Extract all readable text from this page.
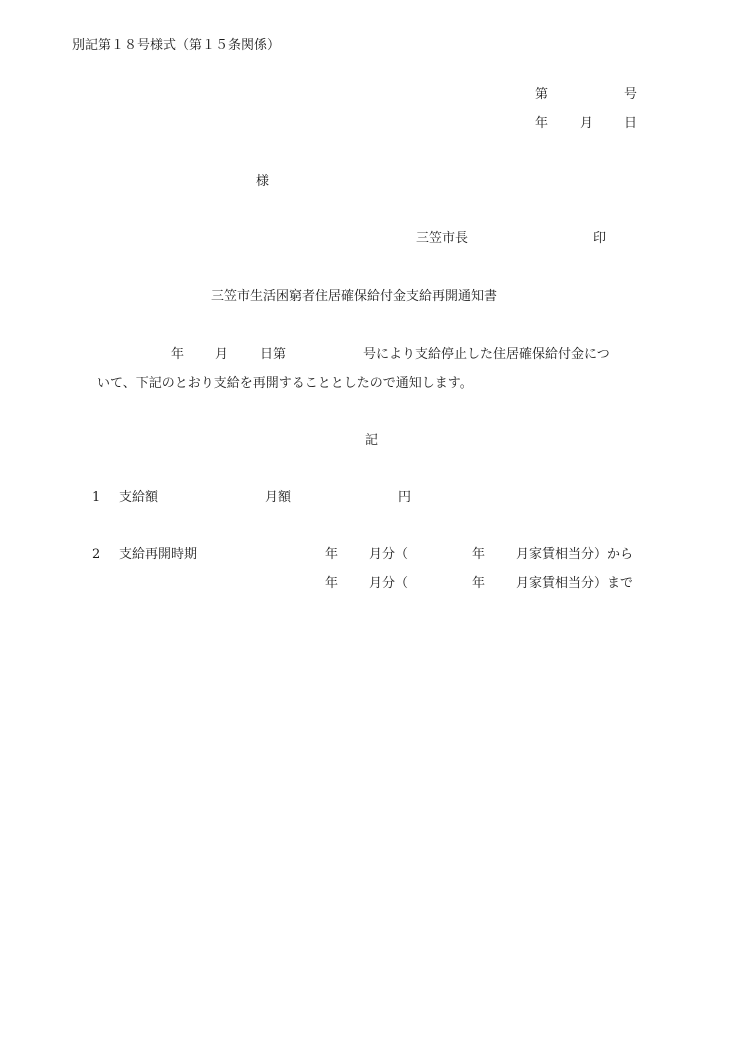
別記第１８号様式（第１５条関係）
第	号
年 月 日
様
三笠市長	印
三笠市生活困窮者住居確保給付金支給再開通知書
年 月 日第	号により支給停止した住居確保給付金につ
いて、下記のとおり支給を再開することとしたので通知します。
記
1 支給額	月額	円
2 支給再開時期	年 月分（	年 月家賃相当分）から
年 月分（	年 月家賃相当分）まで
